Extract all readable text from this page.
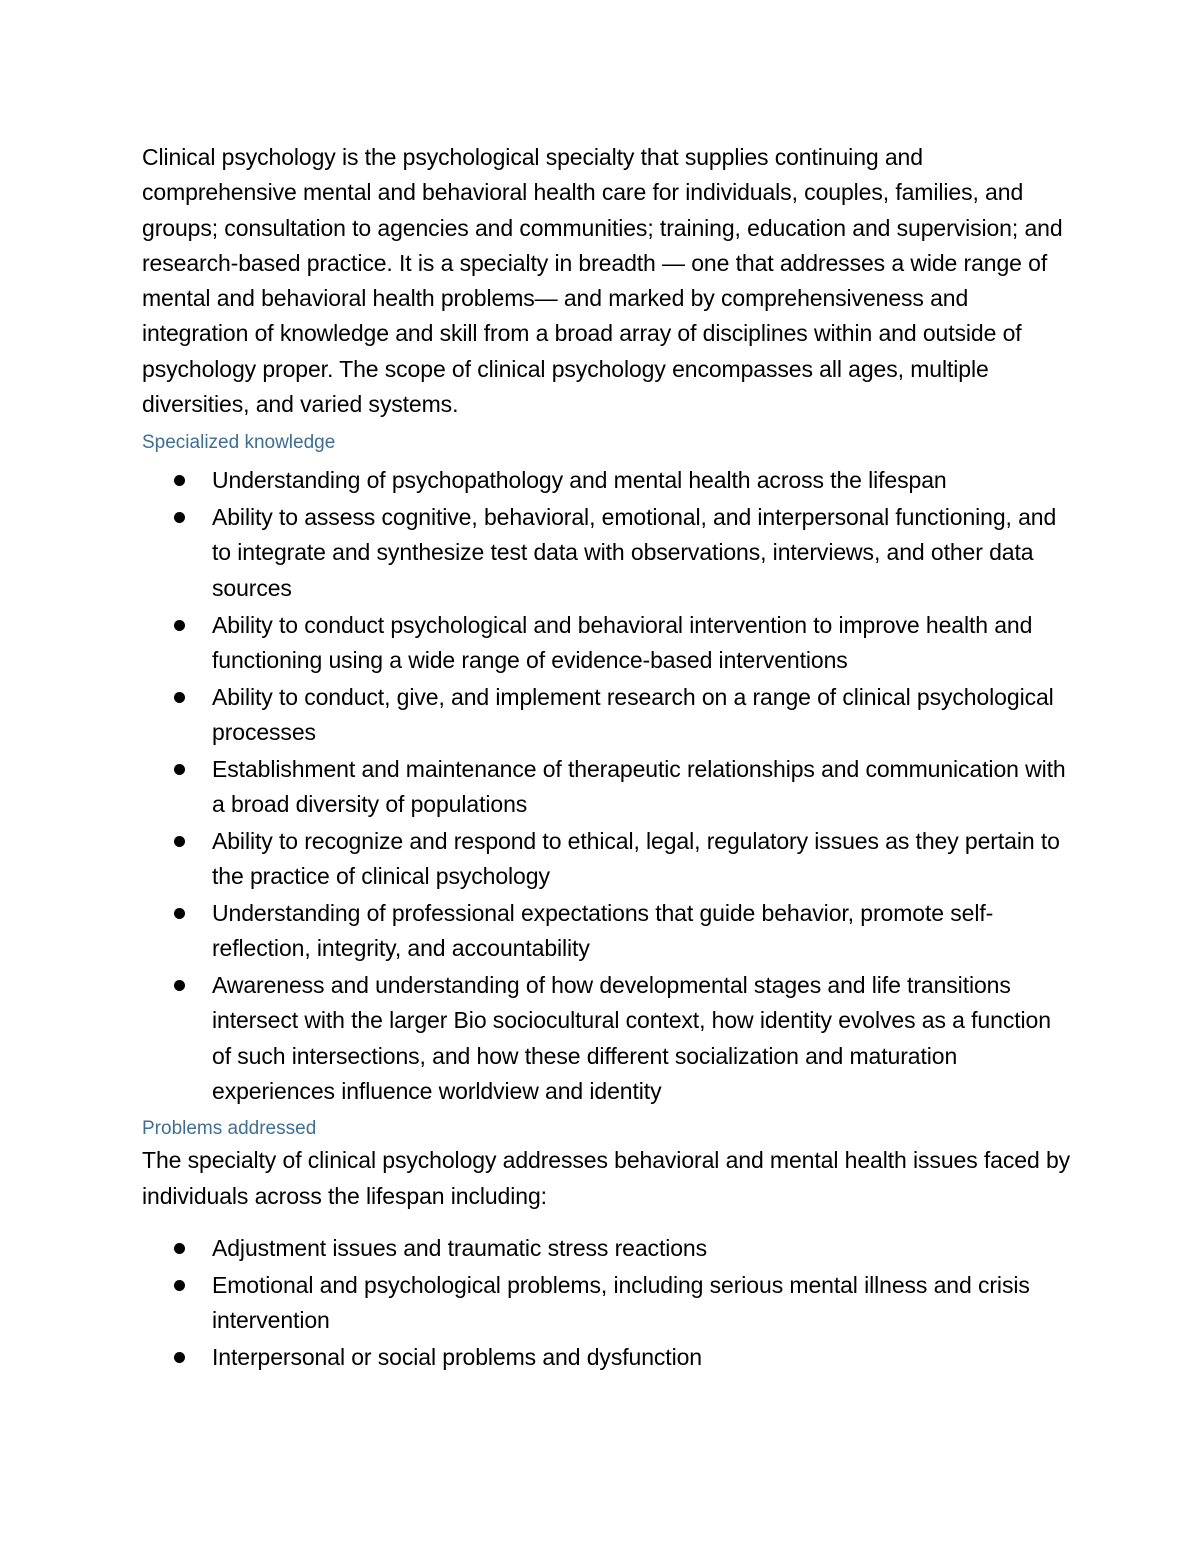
Clinical psychology is the psychological specialty that supplies continuing and comprehensive mental and behavioral health care for individuals, couples, families, and groups; consultation to agencies and communities; training, education and supervision; and research-based practice. It is a specialty in breadth — one that addresses a wide range of mental and behavioral health problems— and marked by comprehensiveness and integration of knowledge and skill from a broad array of disciplines within and outside of psychology proper. The scope of clinical psychology encompasses all ages, multiple diversities, and varied systems.

Specialized knowledge
Understanding of psychopathology and mental health across the lifespan
Ability to assess cognitive, behavioral, emotional, and interpersonal functioning, and to integrate and synthesize test data with observations, interviews, and other data sources
Ability to conduct psychological and behavioral intervention to improve health and functioning using a wide range of evidence-based interventions
Ability to conduct, give, and implement research on a range of clinical psychological processes
Establishment and maintenance of therapeutic relationships and communication with a broad diversity of populations
Ability to recognize and respond to ethical, legal, regulatory issues as they pertain to the practice of clinical psychology
Understanding of professional expectations that guide behavior, promote self-reflection, integrity, and accountability
Awareness and understanding of how developmental stages and life transitions intersect with the larger Bio sociocultural context, how identity evolves as a function of such intersections, and how these different socialization and maturation experiences influence worldview and identity
Problems addressed

The specialty of clinical psychology addresses behavioral and mental health issues faced by individuals across the lifespan including:

Adjustment issues and traumatic stress reactions
Emotional and psychological problems, including serious mental illness and crisis intervention
Interpersonal or social problems and dysfunction
